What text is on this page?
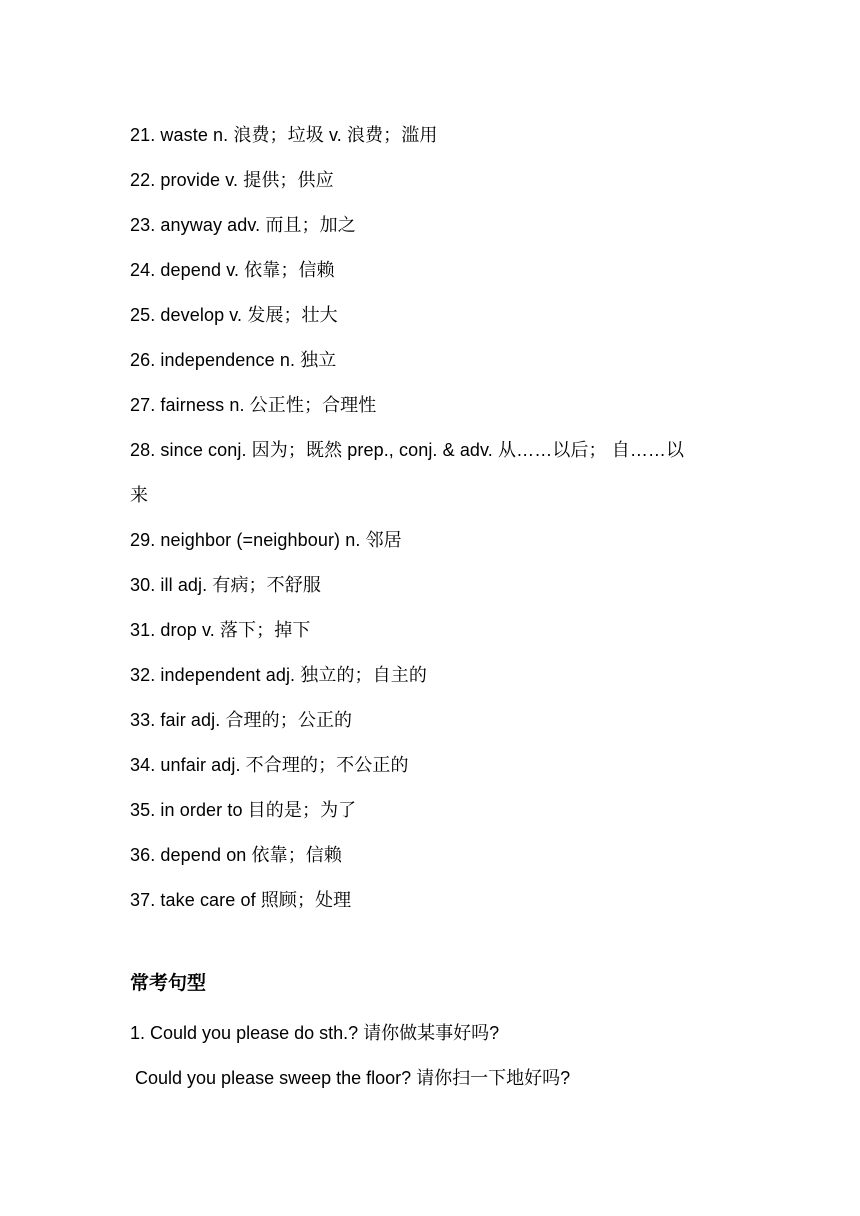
21. waste n. 浪费；垃圾 v. 浪费；滥用
22. provide v. 提供；供应
23. anyway adv. 而且；加之
24. depend v. 依靠；信赖
25. develop v. 发展；壮大
26. independence n. 独立
27. fairness n. 公正性；合理性
28. since conj. 因为；既然 prep., conj. & adv. 从……以后； 自……以
来
29. neighbor (=neighbour) n. 邻居
30. ill adj. 有病；不舒服
31. drop v. 落下；掉下
32. independent adj. 独立的；自主的
33. fair adj. 合理的；公正的
34. unfair adj. 不合理的；不公正的
35. in order to 目的是；为了
36. depend on 依靠；信赖
37. take care of 照顾；处理
常考句型
1. Could you please do sth.? 请你做某事好吗?
Could you please sweep the floor? 请你扫一下地好吗?
